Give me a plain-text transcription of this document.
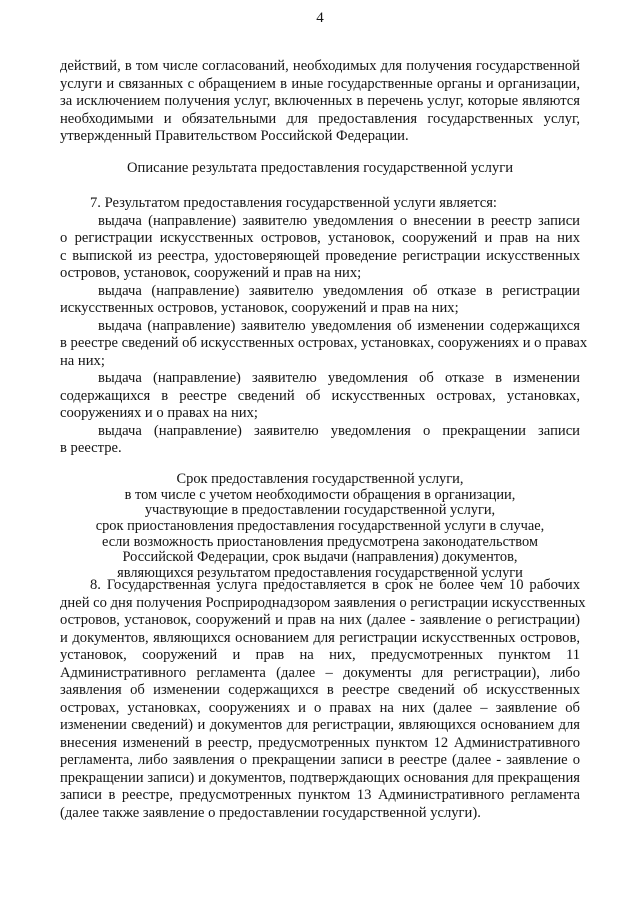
4
действий, в том числе согласований, необходимых для получения государственной
услуги и связанных с обращением в иные государственные органы и организации,
за исключением получения услуг, включенных в перечень услуг, которые являются
необходимыми и обязательными для предоставления государственных услуг,
утвержденный Правительством Российской Федерации.
Описание результата предоставления государственной услуги
7. Результатом предоставления государственной услуги является:
выдача (направление) заявителю уведомления о внесении в реестр записи
о регистрации искусственных островов, установок, сооружений и прав на них
с выпиской из реестра, удостоверяющей проведение регистрации искусственных
островов, установок, сооружений и прав на них;
выдача (направление) заявителю уведомления об отказе в регистрации
искусственных островов, установок, сооружений и прав на них;
выдача (направление) заявителю уведомления об изменении содержащихся
в реестре сведений об искусственных островах, установках, сооружениях и о правах
на них;
выдача (направление) заявителю уведомления об отказе в изменении
содержащихся в реестре сведений об искусственных островах, установках,
сооружениях и о правах на них;
выдача (направление) заявителю уведомления о прекращении записи
в реестре.
Срок предоставления государственной услуги,
в том числе с учетом необходимости обращения в организации,
участвующие в предоставлении государственной услуги,
срок приостановления предоставления государственной услуги в случае,
если возможность приостановления предусмотрена законодательством
Российской Федерации, срок выдачи (направления) документов,
являющихся результатом предоставления государственной услуги
8. Государственная услуга предоставляется в срок не более чем 10 рабочих
дней со дня получения Росприроднадзором заявления о регистрации искусственных
островов, установок, сооружений и прав на них (далее - заявление о регистрации)
и документов, являющихся основанием для регистрации искусственных островов,
установок, сооружений и прав на них, предусмотренных пунктом 11
Административного регламента (далее – документы для регистрации), либо
заявления об изменении содержащихся в реестре сведений об искусственных
островах, установках, сооружениях и о правах на них (далее – заявление об
изменении сведений) и документов для регистрации, являющихся основанием для
внесения изменений в реестр, предусмотренных пунктом 12 Административного
регламента, либо заявления о прекращении записи в реестре (далее - заявление о
прекращении записи) и документов, подтверждающих основания для прекращения
записи в реестре, предусмотренных пунктом 13 Административного регламента
(далее также заявление о предоставлении государственной услуги).
